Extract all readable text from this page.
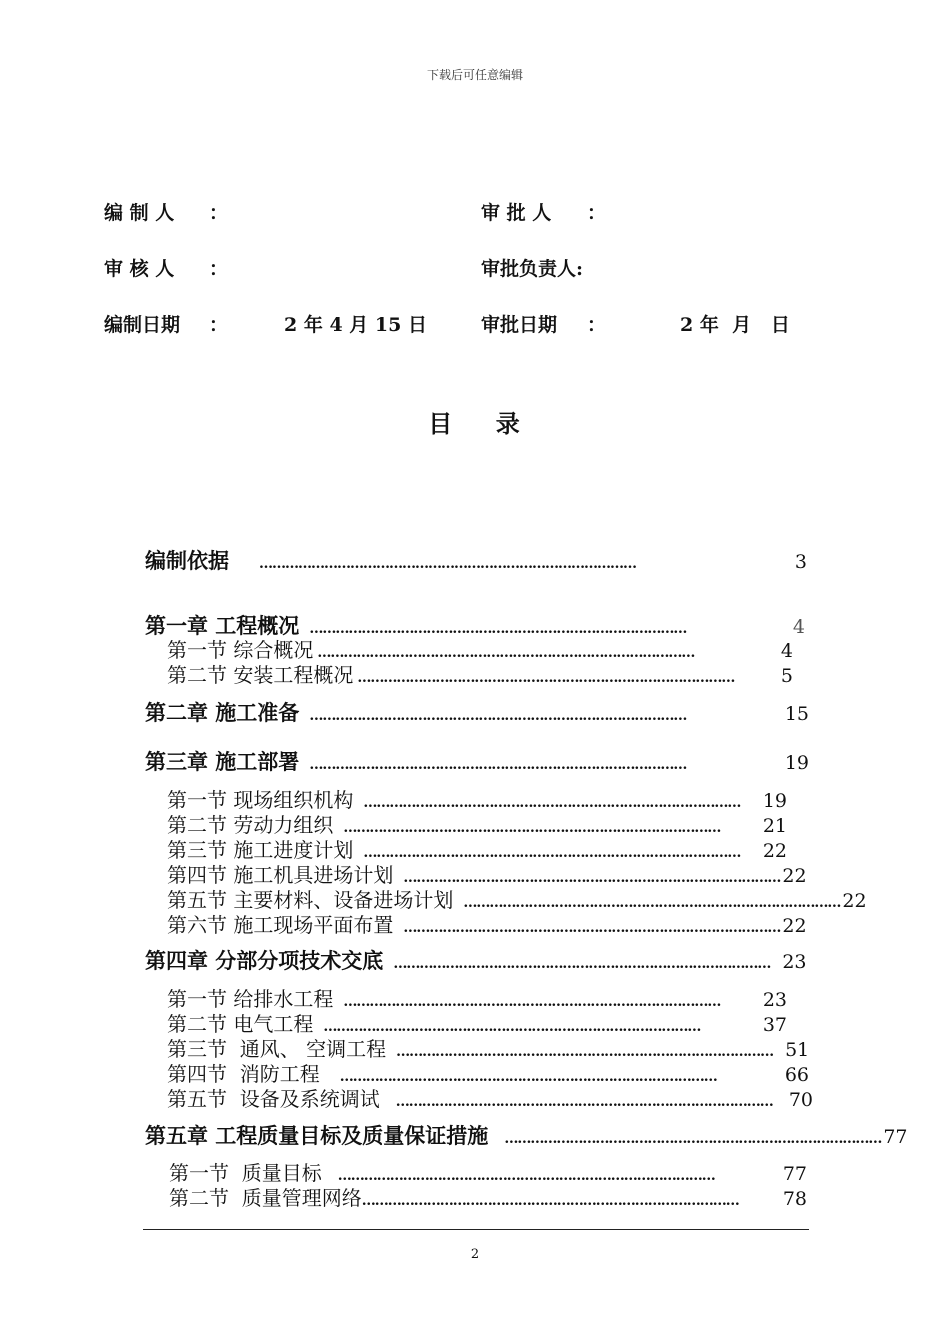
下载后可任意编辑
编 制 人 ：	审 批 人 ：
审 核 人 ：	审批负责人:
编制日期 ：	2 年 4 月 15 日	审批日期 ：	2 年  月   日
目    录
编制依据 ……………………………………………………………………………	3
第一章 工程概况 ……………………………………………………………………………	4
第一节 综合概况 ……………………………………………………………………………	4
第二节 安装工程概况 ……………………………………………………………………………	5
第二章 施工准备 ……………………………………………………………………………	15
第三章 施工部署 ……………………………………………………………………………	19
第一节 现场组织机构 ……………………………………………………………………………	19
第二节 劳动力组织 ……………………………………………………………………………	21
第三节 施工进度计划 ……………………………………………………………………………	22
第四节 施工机具进场计划 …………………………………………………………………………… 22
第五节 主要材料、设备进场计划 …………………………………………………………………………… 22
第六节 施工现场平面布置 …………………………………………………………………………… 22
第四章 分部分项技术交底 …………………………………………………………………………… 23
第一节 给排水工程 ……………………………………………………………………………	23
第二节 电气工程 ……………………………………………………………………………	37
第三节  通风、 空调工程 …………………………………………………………………………… 51
第四节  消防工程 ……………………………………………………………………………	66
第五节  设备及系统调试 …………………………………………………………………………… 70
第五章 工程质量目标及质量保证措施 …………………………………………………………………………… 77
第一节  质量目标 ……………………………………………………………………………	77
第二节  质量管理网络 ……………………………………………………………………………	78
2
